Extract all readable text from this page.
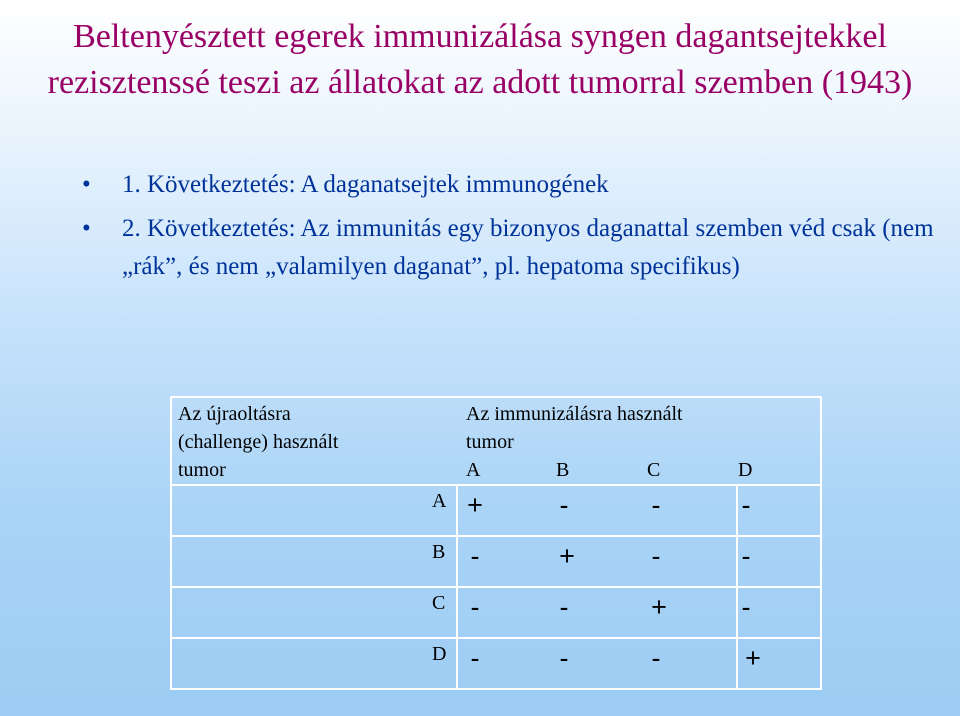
Beltenyésztett egerek immunizálása syngen dagantsejtekkel rezisztenssé teszi az állatokat az adott tumorral szemben (1943)
• 1. Következtetés: A daganatsejtek immunogének
• 2. Következtetés: Az immunitás egy bizonyos daganattal szemben véd csak (nem „rák”, és nem „valamilyen daganat”, pl. hepatoma specifikus)
Az újraoltásra
(challenge) használt
tumor
Az immunizálásra használt
tumor
A	B	C	D
A +	-	-	-
B -	+	-	-
C -	-	+	-
D -	-	-	+
